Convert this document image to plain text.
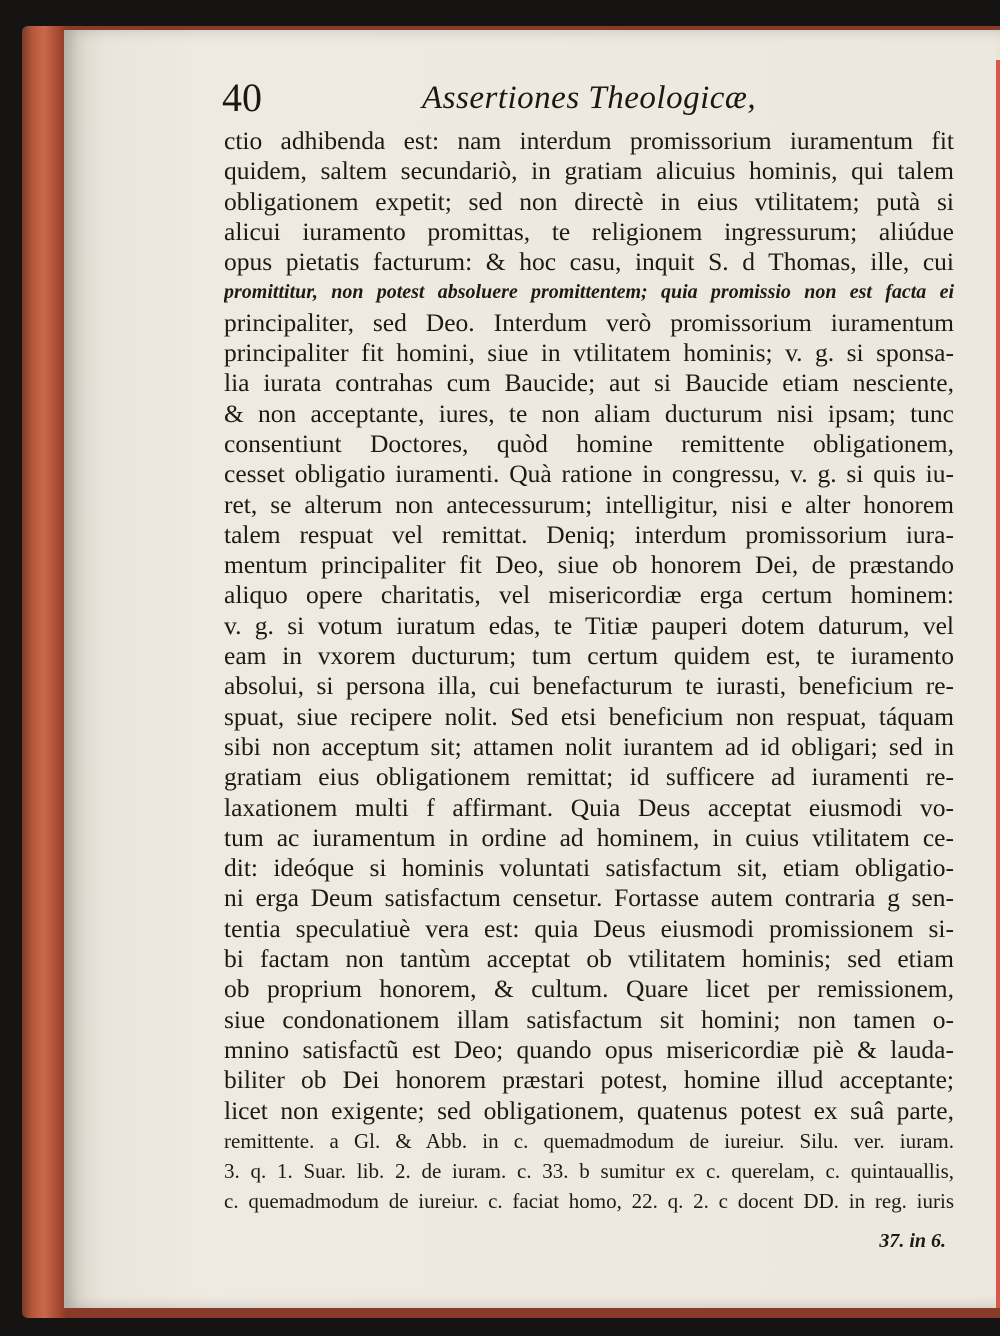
40	Assertiones Theologicæ,
ctio adhibenda est: nam interdum promissorium iuramentum fit
quidem, saltem secundariò, in gratiam alicuius hominis, qui talem
obligationem expetit; sed non directè in eius vtilitatem; putà si
alicui iuramento promittas, te religionem ingressurum; aliúdue
opus pietatis facturum: & hoc casu, inquit S. d Thomas, ille, cui
promittitur, non potest absoluere promittentem; quia promissio non est facta ei
principaliter, sed Deo. Interdum verò promissorium iuramentum
principaliter fit homini, siue in vtilitatem hominis; v. g. si sponsa-
lia iurata contrahas cum Baucide; aut si Baucide etiam nesciente,
& non acceptante, iures, te non aliam ducturum nisi ipsam; tunc
consentiunt Doctores, quòd homine remittente obligationem,
cesset obligatio iuramenti. Quà ratione in congressu, v. g. si quis iu-
ret, se alterum non antecessurum; intelligitur, nisi e alter honorem
talem respuat vel remittat. Deniq; interdum promissorium iura-
mentum principaliter fit Deo, siue ob honorem Dei, de præstando
aliquo opere charitatis, vel misericordiæ erga certum hominem:
v. g. si votum iuratum edas, te Titiæ pauperi dotem daturum, vel
eam in vxorem ducturum; tum certum quidem est, te iuramento
absolui, si persona illa, cui benefacturum te iurasti, beneficium re-
spuat, siue recipere nolit. Sed etsi beneficium non respuat, táquam
sibi non acceptum sit; attamen nolit iurantem ad id obligari; sed in
gratiam eius obligationem remittat; id sufficere ad iuramenti re-
laxationem multi f affirmant. Quia Deus acceptat eiusmodi vo-
tum ac iuramentum in ordine ad hominem, in cuius vtilitatem ce-
dit: ideóque si hominis voluntati satisfactum sit, etiam obligatio-
ni erga Deum satisfactum censetur. Fortasse autem contraria g sen-
tentia speculatiuè vera est: quia Deus eiusmodi promissionem si-
bi factam non tantùm acceptat ob vtilitatem hominis; sed etiam
ob proprium honorem, & cultum. Quare licet per remissionem,
siue condonationem illam satisfactum sit homini; non tamen o-
mnino satisfactũ est Deo; quando opus misericordiæ piè & lauda-
biliter ob Dei honorem præstari potest, homine illud acceptante;
licet non exigente; sed obligationem, quatenus potest ex suâ parte,
remittente. a Gl. & Abb. in c. quemadmodum de iureiur. Silu. ver. iuram.
3. q. 1. Suar. lib. 2. de iuram. c. 33. b sumitur ex c. querelam, c. quintauallis,
c. quemadmodum de iureiur. c. faciat homo, 22. q. 2. c docent DD. in reg. iuris
37. in 6.
